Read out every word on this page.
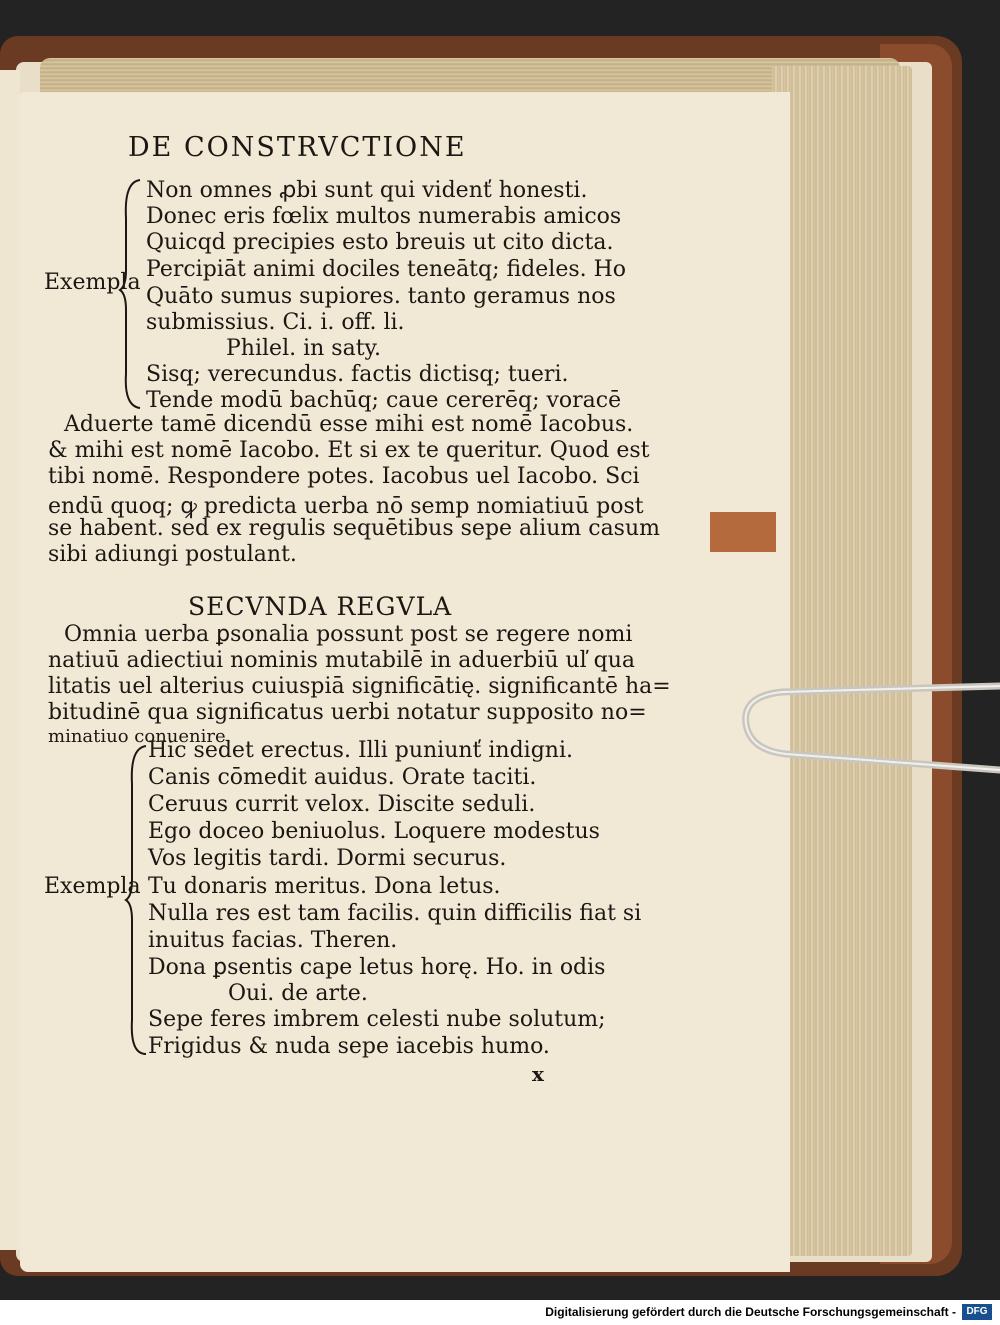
DE CONSTRVCTIONE
Exempla
Non omnes ꝓbi sunt qui videnť honesti.
Donec eris fœlix multos numerabis amicos
Quicqd precipies esto breuis ut cito dicta.
Percipiāt animi dociles teneātq; fideles. Ho
Quāto sumus supiores. tanto geramus nos
submissius. Ci. i. off. li.
Philel. in saty.
Sisq; verecundus. factis dictisq; tueri.
Tende modū bachūq; caue cererēq; voracē
Aduerte tamē dicendū esse mihi est nomē Iacobus.
& mihi est nomē Iacobo. Et si ex te queritur. Quod est
tibi nomē. Respondere potes. Iacobus uel Iacobo. Sci
endū quoq; ꝙ predicta uerba nō semp nomiatiuū post
se habent. sed ex regulis sequētibus sepe alium casum
sibi adiungi postulant.
SECVNDA REGVLA
Omnia uerba ꝑsonalia possunt post se regere nomi
natiuū adiectiui nominis mutabilē in aduerbiū uľ qua
litatis uel alterius cuiuspiā significātię. significantē ha=
bitudinē qua significatus uerbi notatur supposito no=
minatiuo conuenire.
Exempla
Hic sedet erectus. Illi puniunť indigni.
Canis cōmedit auidus. Orate taciti.
Ceruus currit velox. Discite seduli.
Ego doceo beniuolus. Loquere modestus
Vos legitis tardi. Dormi securus.
Tu donaris meritus. Dona letus.
Nulla res est tam facilis. quin difficilis fiat si
inuitus facias. Theren.
Dona ꝑsentis cape letus horę. Ho. in odis
Oui. de arte.
Sepe feres imbrem celesti nube solutum;
Frigidus & nuda sepe iacebis humo.
x
Digitalisierung gefördert durch die Deutsche Forschungsgemeinschaft -	DFG
